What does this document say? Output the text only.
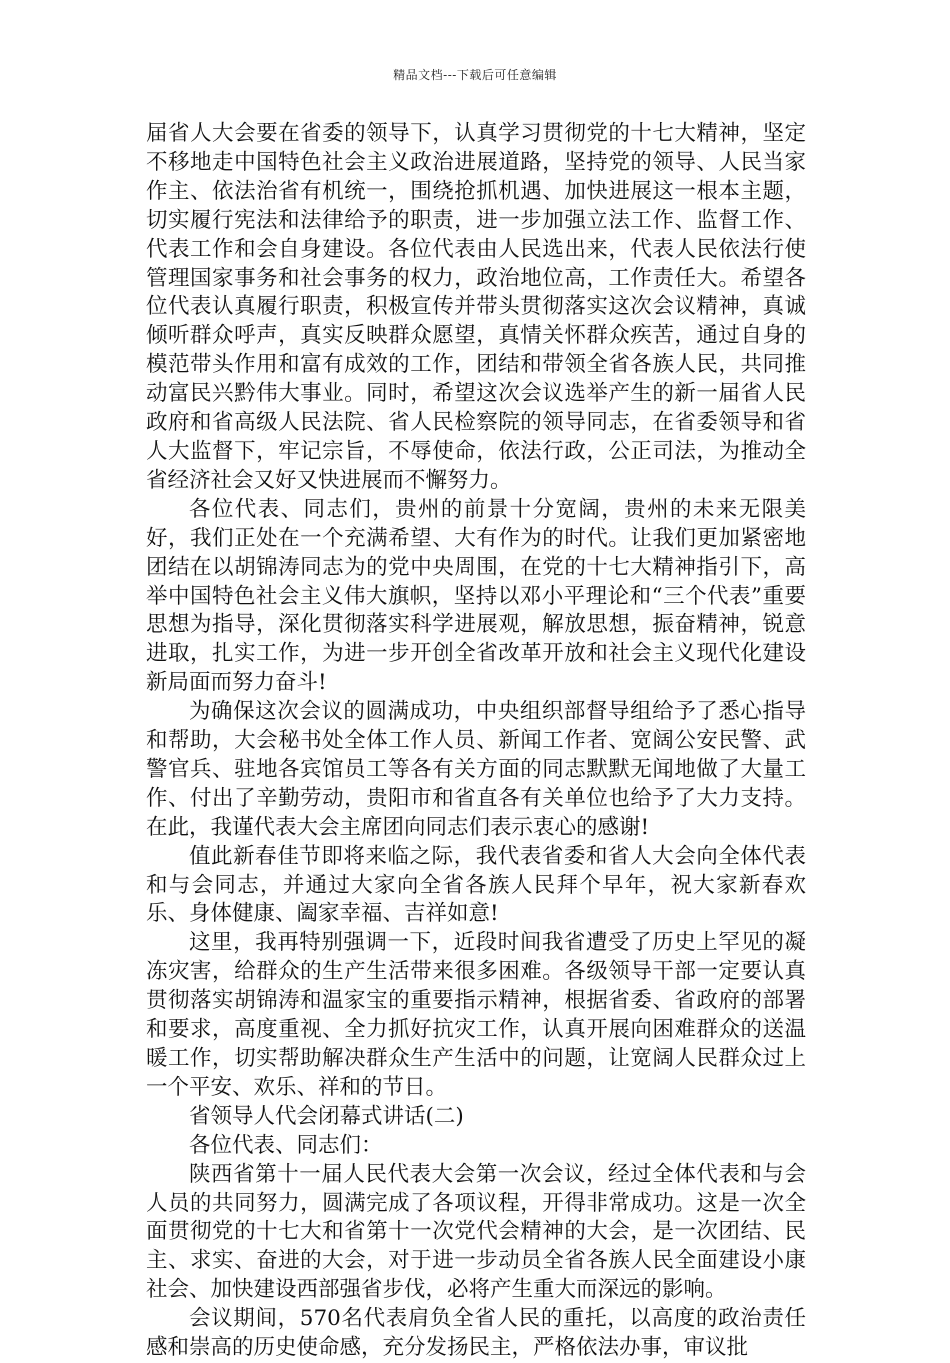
精品文档---下载后可任意编辑

届省人大会要在省委的领导下，认真学习贯彻党的十七大精神，坚定不移地走中国特色社会主义政治进展道路，坚持党的领导、人民当家作主、依法治省有机统一，围绕抢抓机遇、加快进展这一根本主题，切实履行宪法和法律给予的职责，进一步加强立法工作、监督工作、代表工作和会自身建设。各位代表由人民选出来，代表人民依法行使管理国家事务和社会事务的权力，政治地位高，工作责任大。希望各位代表认真履行职责，积极宣传并带头贯彻落实这次会议精神，真诚倾听群众呼声，真实反映群众愿望，真情关怀群众疾苦，通过自身的模范带头作用和富有成效的工作，团结和带领全省各族人民，共同推动富民兴黔伟大事业。同时，希望这次会议选举产生的新一届省人民政府和省高级人民法院、省人民检察院的领导同志，在省委领导和省人大监督下，牢记宗旨，不辱使命，依法行政，公正司法，为推动全省经济社会又好又快进展而不懈努力。

各位代表、同志们，贵州的前景十分宽阔，贵州的未来无限美好，我们正处在一个充满希望、大有作为的时代。让我们更加紧密地团结在以胡锦涛同志为的党中央周围，在党的十七大精神指引下，高举中国特色社会主义伟大旗帜，坚持以邓小平理论和“三个代表”重要思想为指导，深化贯彻落实科学进展观，解放思想，振奋精神，锐意进取，扎实工作，为进一步开创全省改革开放和社会主义现代化建设新局面而努力奋斗!

为确保这次会议的圆满成功，中央组织部督导组给予了悉心指导和帮助，大会秘书处全体工作人员、新闻工作者、宽阔公安民警、武警官兵、驻地各宾馆员工等各有关方面的同志默默无闻地做了大量工作、付出了辛勤劳动，贵阳市和省直各有关单位也给予了大力支持。在此，我谨代表大会主席团向同志们表示衷心的感谢!

值此新春佳节即将来临之际，我代表省委和省人大会向全体代表和与会同志，并通过大家向全省各族人民拜个早年，祝大家新春欢乐、身体健康、阖家幸福、吉祥如意!

这里，我再特别强调一下，近段时间我省遭受了历史上罕见的凝冻灾害，给群众的生产生活带来很多困难。各级领导干部一定要认真贯彻落实胡锦涛和温家宝的重要指示精神，根据省委、省政府的部署和要求，高度重视、全力抓好抗灾工作，认真开展向困难群众的送温暖工作，切实帮助解决群众生产生活中的问题，让宽阔人民群众过上一个平安、欢乐、祥和的节日。

省领导人代会闭幕式讲话(二)

各位代表、同志们：

陕西省第十一届人民代表大会第一次会议，经过全体代表和与会人员的共同努力，圆满完成了各项议程，开得非常成功。这是一次全面贯彻党的十七大和省第十一次党代会精神的大会，是一次团结、民主、求实、奋进的大会，对于进一步动员全省各族人民全面建设小康社会、加快建设西部强省步伐，必将产生重大而深远的影响。

会议期间，570名代表肩负全省人民的重托，以高度的政治责任感和崇高的历史使命感，充分发扬民主，严格依法办事，审议批
